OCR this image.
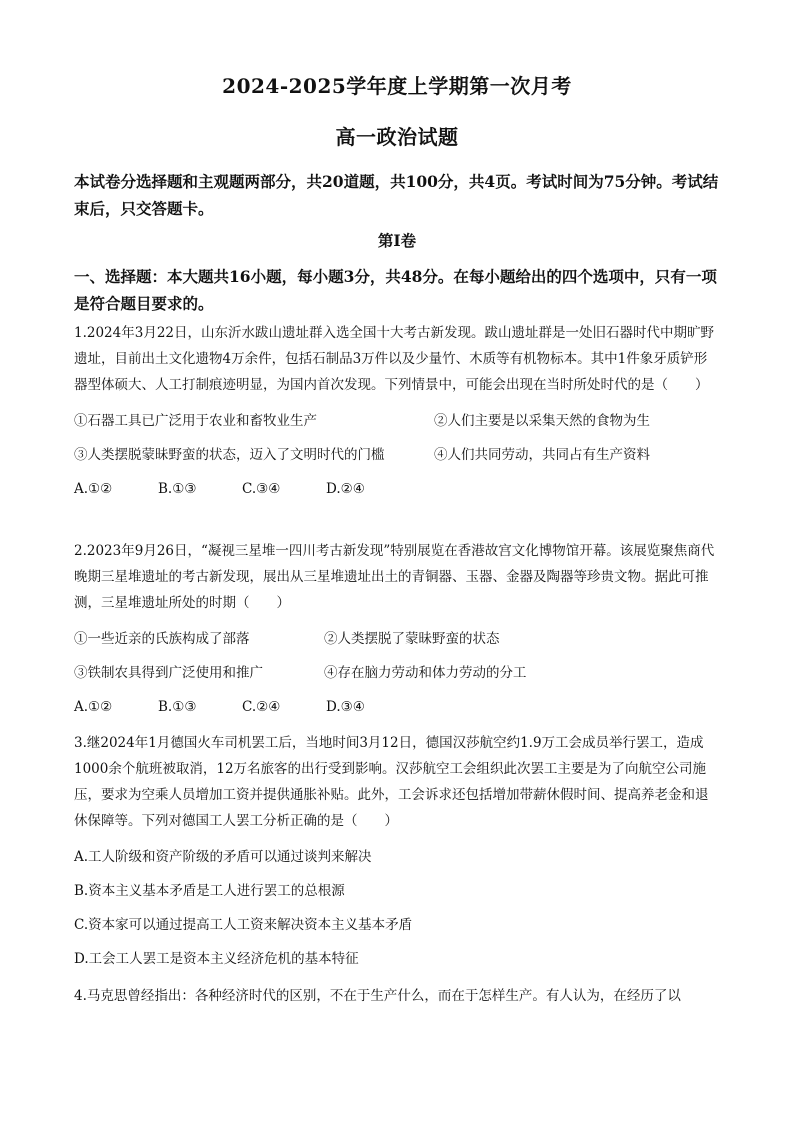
2024-2025学年度上学期第一次月考
高一政治试题
本试卷分选择题和主观题两部分，共20道题，共100分，共4页。考试时间为75分钟。考试结束后，只交答题卡。
第I卷
一、选择题：本大题共16小题，每小题3分，共48分。在每小题给出的四个选项中，只有一项是符合题目要求的。

1.2024年3月22日，山东沂水跋山遗址群入选全国十大考古新发现。跋山遗址群是一处旧石器时代中期旷野遗址，目前出土文化遗物4万余件，包括石制品3万件以及少量竹、木质等有机物标本。其中1件象牙质铲形器型体硕大、人工打制痕迹明显，为国内首次发现。下列情景中，可能会出现在当时所处时代的是（　　）

①石器工具已广泛用于农业和畜牧业生产	②人们主要是以采集天然的食物为生
③人类摆脱蒙昧野蛮的状态，迈入了文明时代的门槛	④人们共同劳动，共同占有生产资料
A.①②	B.①③	C.③④	D.②④

2.2023年9月26日，“凝视三星堆一四川考古新发现”特别展览在香港故宫文化博物馆开幕。该展览聚焦商代晚期三星堆遗址的考古新发现，展出从三星堆遗址出土的青铜器、玉器、金器及陶器等珍贵文物。据此可推测，三星堆遗址所处的时期（　　）

①一些近亲的氏族构成了部落	②人类摆脱了蒙昧野蛮的状态
③铁制农具得到广泛使用和推广	④存在脑力劳动和体力劳动的分工
A.①②	B.①③	C.②④	D.③④

3.继2024年1月德国火车司机罢工后，当地时间3月12日，德国汉莎航空约1.9万工会成员举行罢工，造成1000余个航班被取消，12万名旅客的出行受到影响。汉莎航空工会组织此次罢工主要是为了向航空公司施压，要求为空乘人员增加工资并提供通胀补贴。此外，工会诉求还包括增加带薪休假时间、提高养老金和退休保障等。下列对德国工人罢工分析正确的是（　　）

A.工人阶级和资产阶级的矛盾可以通过谈判来解决
B.资本主义基本矛盾是工人进行罢工的总根源
C.资本家可以通过提高工人工资来解决资本主义基本矛盾
D.工会工人罢工是资本主义经济危机的基本特征

4.马克思曾经指出：各种经济时代的区别，不在于生产什么，而在于怎样生产。有人认为，在经历了以
